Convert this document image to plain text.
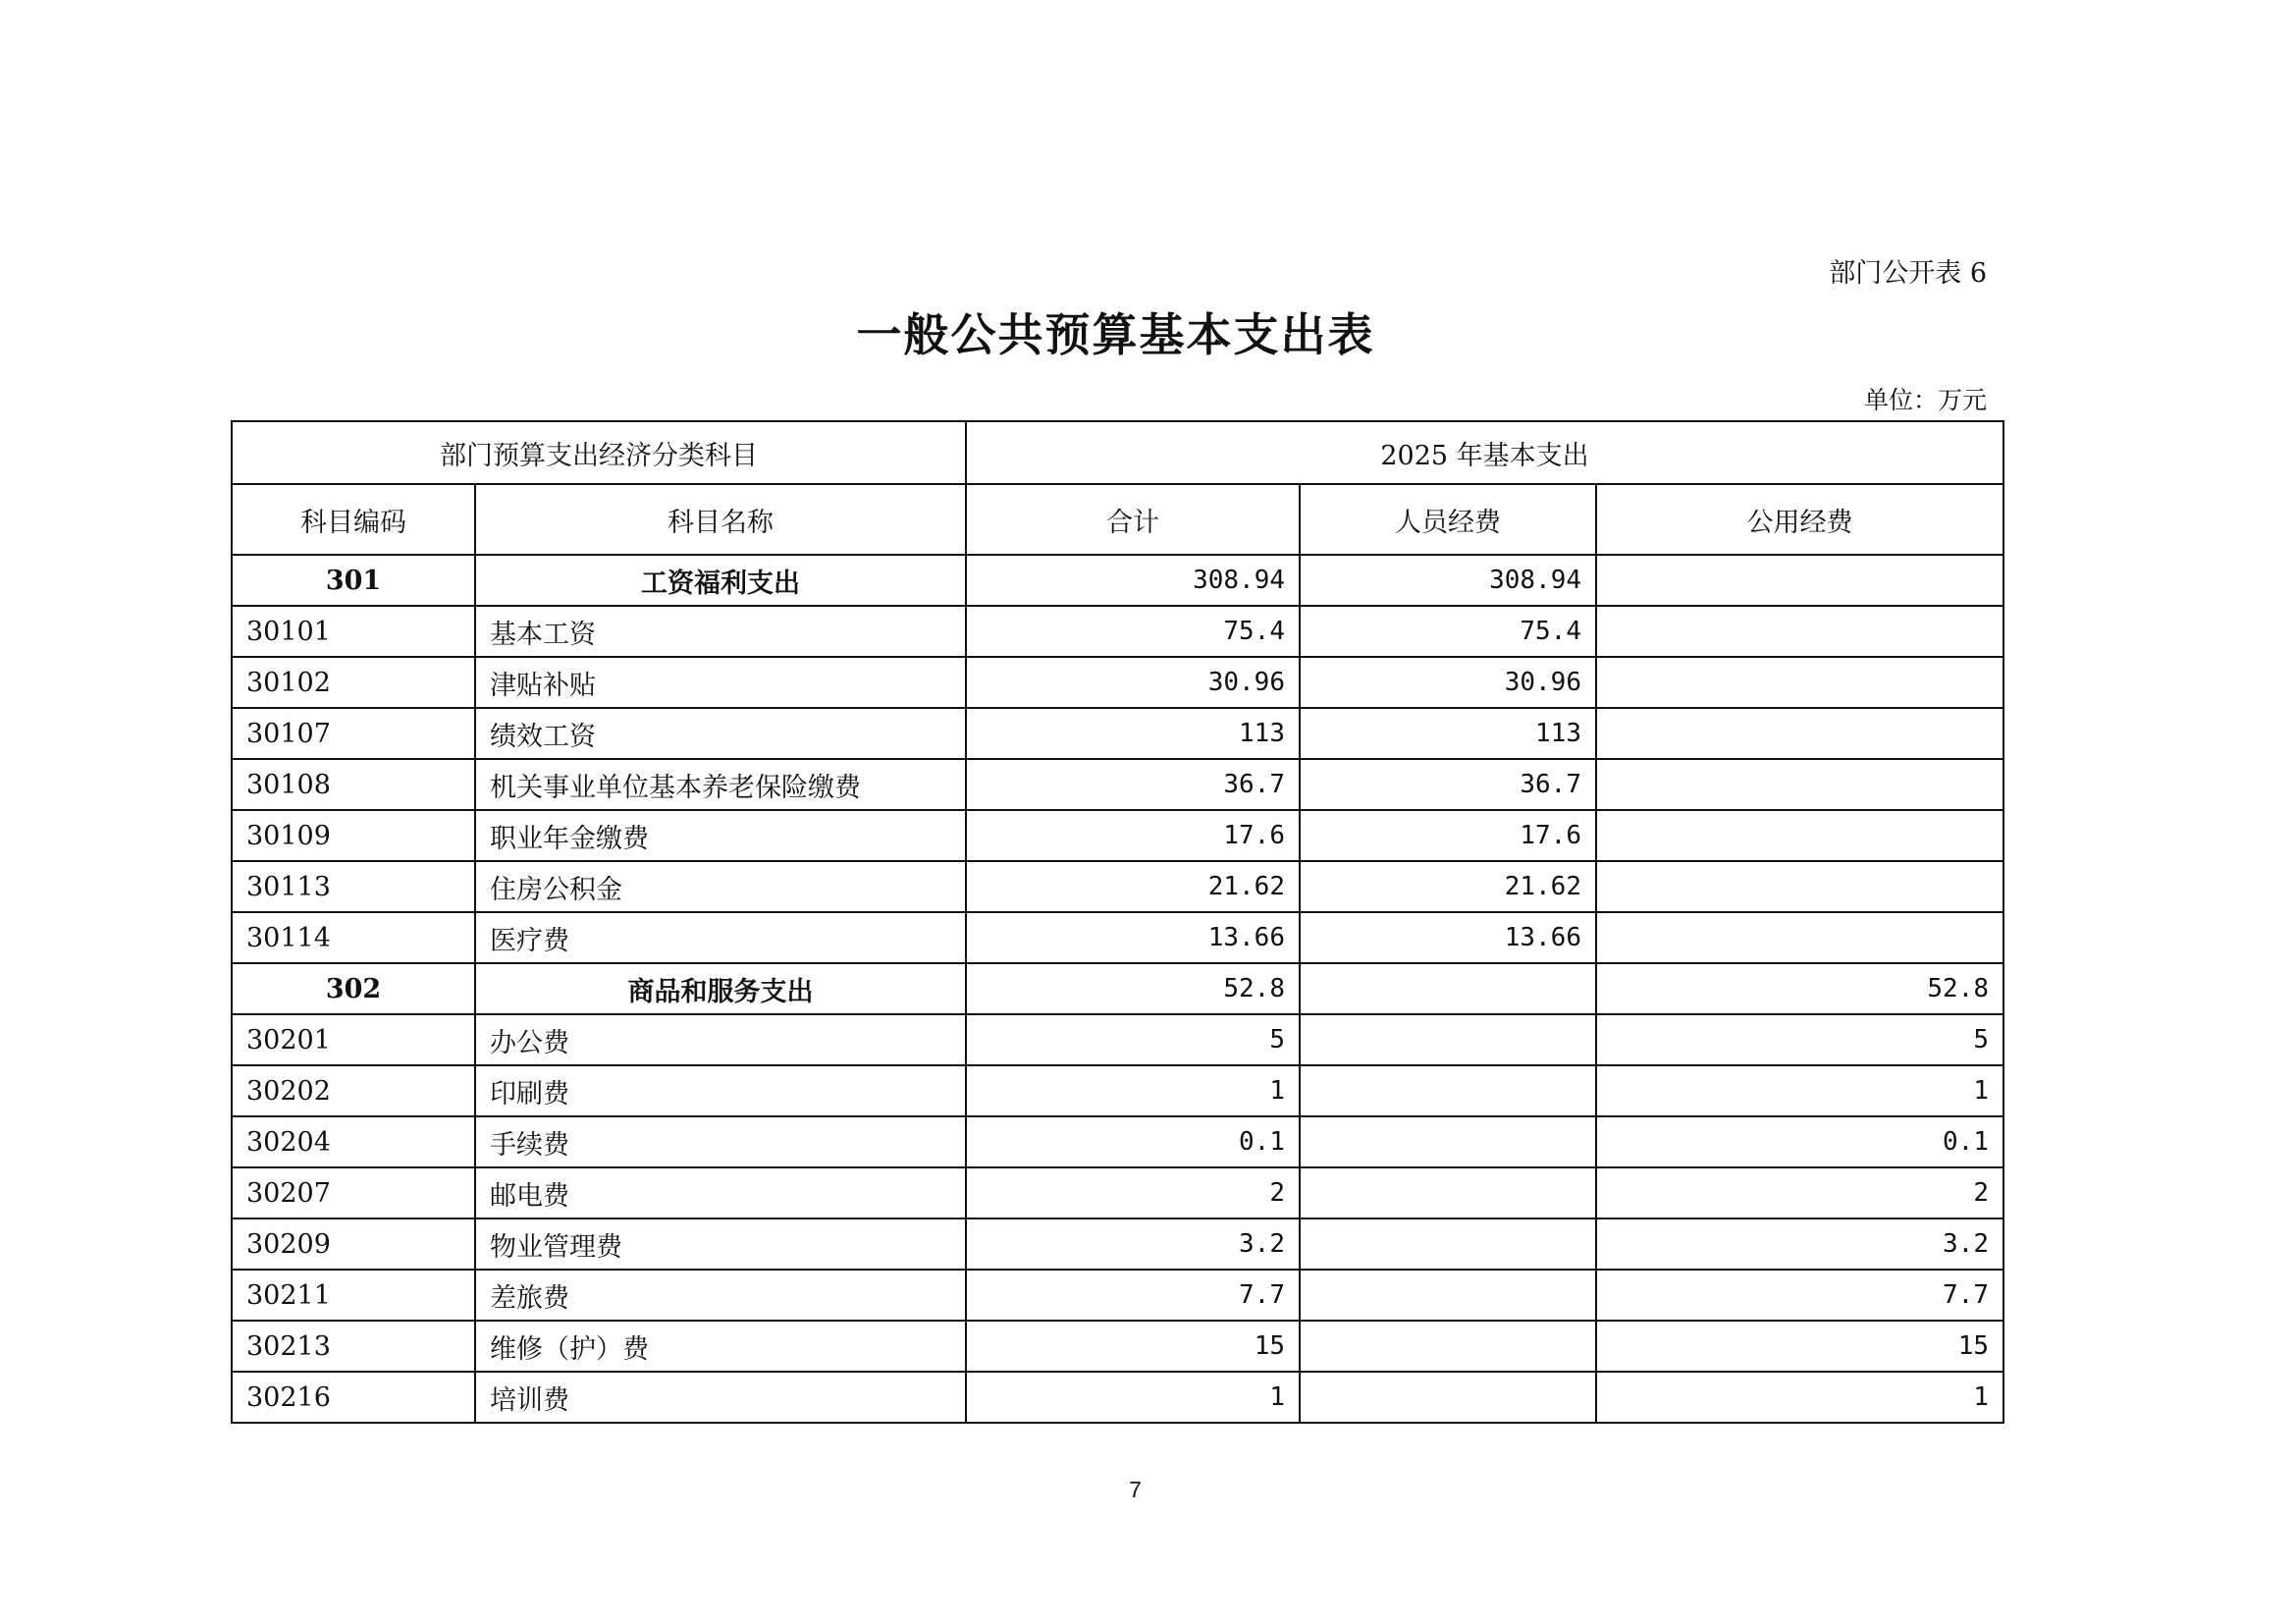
部门公开表 6
一般公共预算基本支出表
单位：万元
部门预算支出经济分类科目		2025 年基本支出		
科目编码	科目名称	合计	人员经费	公用经费
301	工资福利支出	308.94	308.94	
30101	基本工资	75.4	75.4	
30102	津贴补贴	30.96	30.96	
30107	绩效工资	113	113	
30108	机关事业单位基本养老保险缴费	36.7	36.7	
30109	职业年金缴费	17.6	17.6	
30113	住房公积金	21.62	21.62	
30114	医疗费	13.66	13.66	
302	商品和服务支出	52.8		52.8
30201	办公费	5		5
30202	印刷费	1		1
30204	手续费	0.1		0.1
30207	邮电费	2		2
30209	物业管理费	3.2		3.2
30211	差旅费	7.7		7.7
30213	维修（护）费	15		15
30216	培训费	1		1
7
